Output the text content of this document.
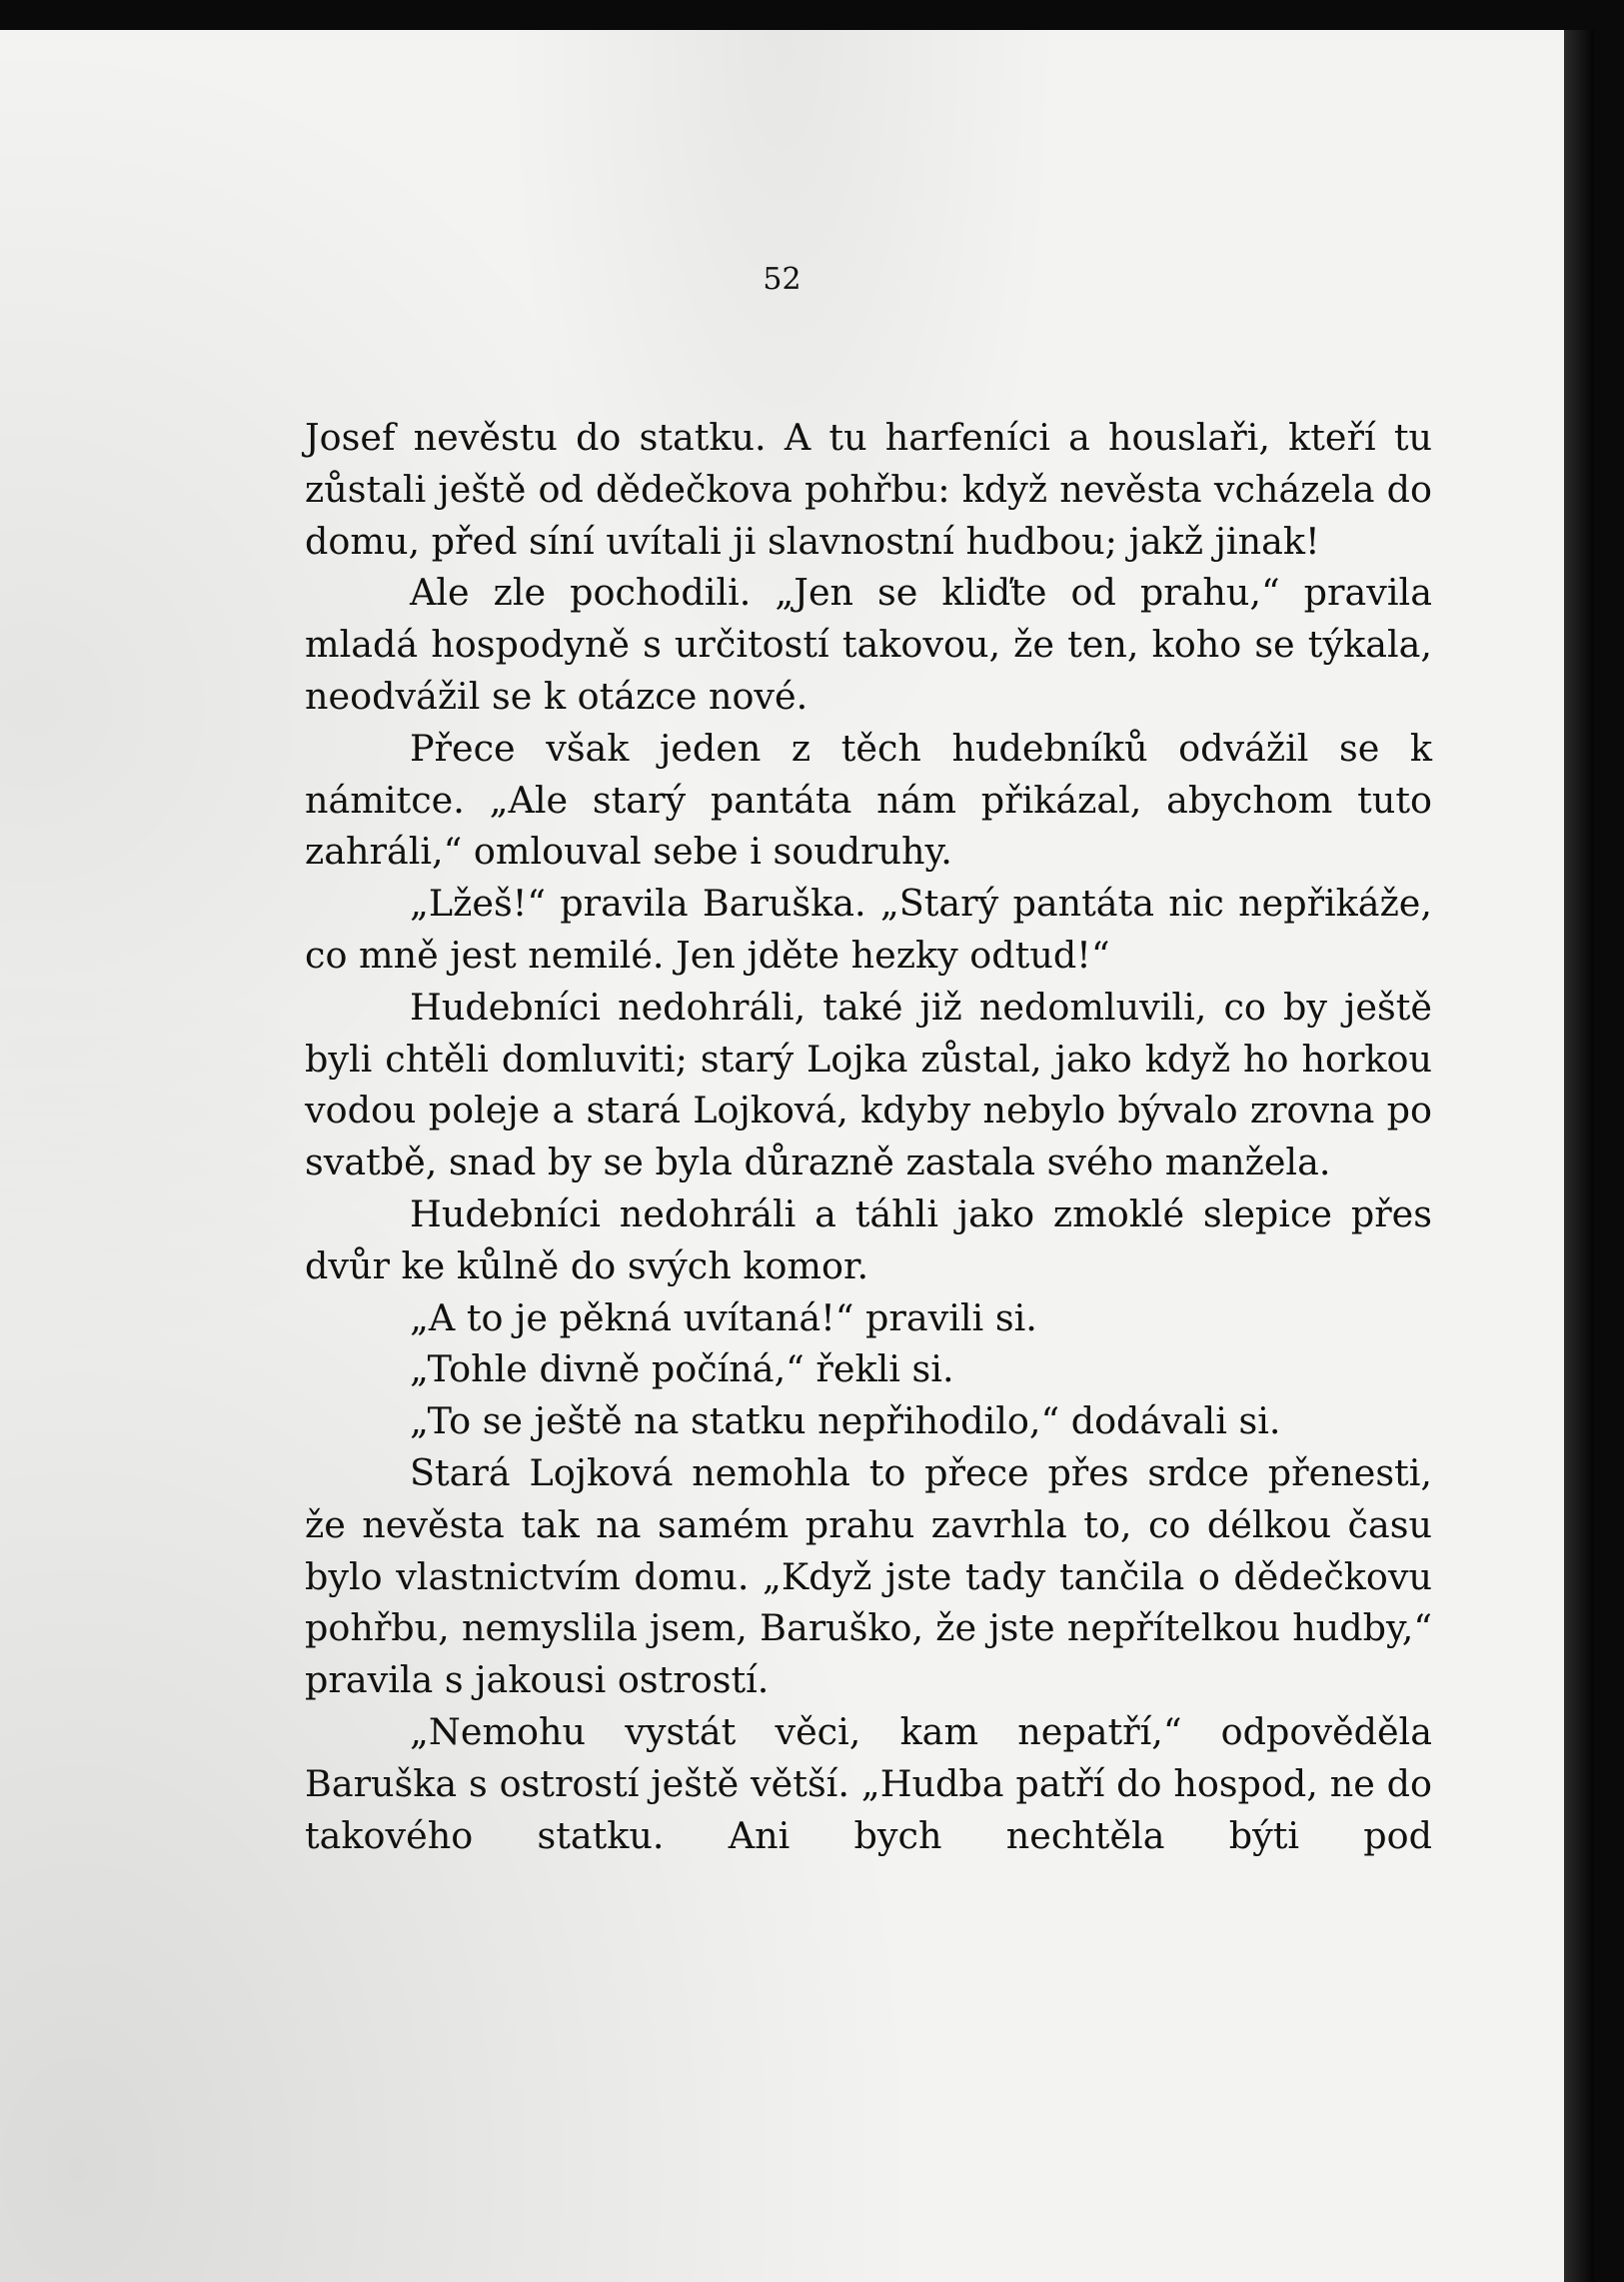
52

Josef nevěstu do statku. A tu harfeníci a houslaři, kteří tu zůstali ještě od dědečkova pohřbu: když nevěsta vcházela do domu, před síní uvítali ji slavnostní hudbou; jakž jinak!

Ale zle pochodili. „Jen se kliďte od prahu,“ pravila mladá hospodyně s určitostí takovou, že ten, koho se týkala, neodvážil se k otázce nové.

Přece však jeden z těch hudebníků odvážil se k námitce. „Ale starý pantáta nám přikázal, abychom tuto zahráli,“ omlouval sebe i soudruhy.

„Lžeš!“ pravila Baruška. „Starý pantáta nic nepřikáže, co mně jest nemilé. Jen jděte hezky odtud!“

Hudebníci nedohráli, také již nedomluvili, co by ještě byli chtěli domluviti; starý Lojka zůstal, jako když ho horkou vodou poleje a stará Lojková, kdyby nebylo bývalo zrovna po svatbě, snad by se byla důrazně zastala svého manžela.

Hudebníci nedohráli a táhli jako zmoklé slepice přes dvůr ke kůlně do svých komor.

„A to je pěkná uvítaná!“ pravili si.

„Tohle divně počíná,“ řekli si.

„To se ještě na statku nepřihodilo,“ dodávali si.

Stará Lojková nemohla to přece přes srdce přenesti, že nevěsta tak na samém prahu zavrhla to, co délkou času bylo vlastnictvím domu. „Když jste tady tančila o dědečkovu pohřbu, nemyslila jsem, Baruško, že jste nepřítelkou hudby,“ pravila s jakousi ostrostí.

„Nemohu vystát věci, kam nepatří,“ odpověděla Baruška s ostrostí ještě větší. „Hudba patří do hospod, ne do takového statku. Ani bych nechtěla býti pod
